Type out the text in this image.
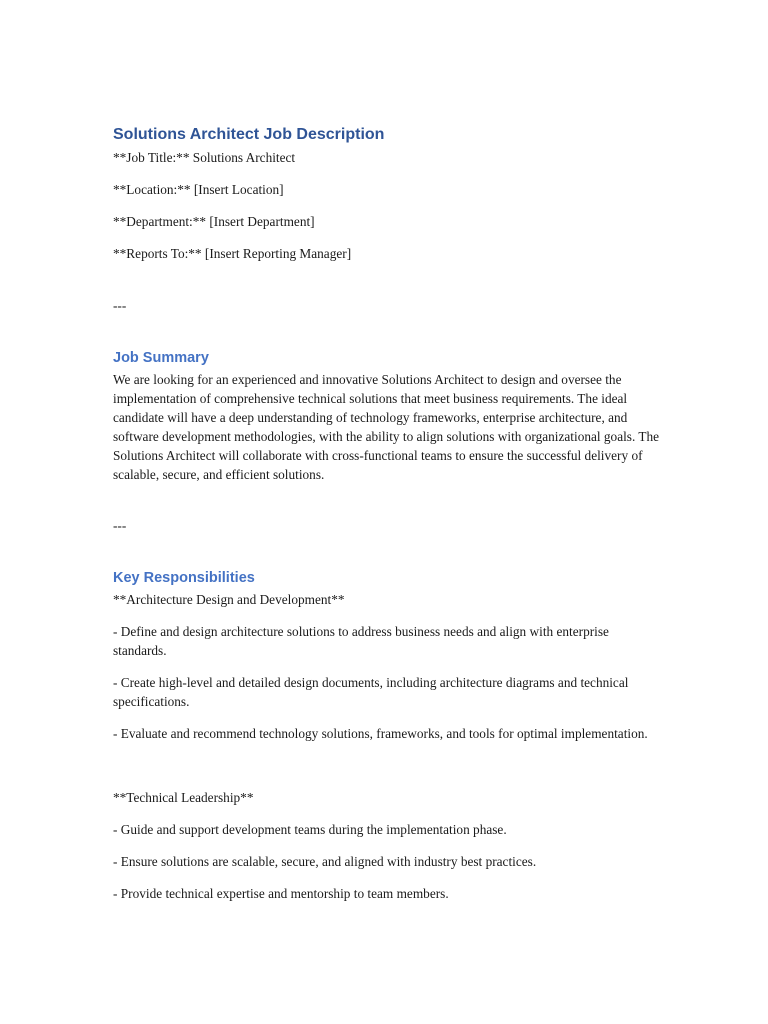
Solutions Architect Job Description

**Job Title:** Solutions Architect

**Location:** [Insert Location]

**Department:** [Insert Department]

**Reports To:** [Insert Reporting Manager]

---

Job Summary

We are looking for an experienced and innovative Solutions Architect to design and oversee the implementation of comprehensive technical solutions that meet business requirements. The ideal candidate will have a deep understanding of technology frameworks, enterprise architecture, and software development methodologies, with the ability to align solutions with organizational goals. The Solutions Architect will collaborate with cross-functional teams to ensure the successful delivery of scalable, secure, and efficient solutions.

---

Key Responsibilities

**Architecture Design and Development**

- Define and design architecture solutions to address business needs and align with enterprise standards.

- Create high-level and detailed design documents, including architecture diagrams and technical specifications.

- Evaluate and recommend technology solutions, frameworks, and tools for optimal implementation.

**Technical Leadership**

- Guide and support development teams during the implementation phase.

- Ensure solutions are scalable, secure, and aligned with industry best practices.

- Provide technical expertise and mentorship to team members.
